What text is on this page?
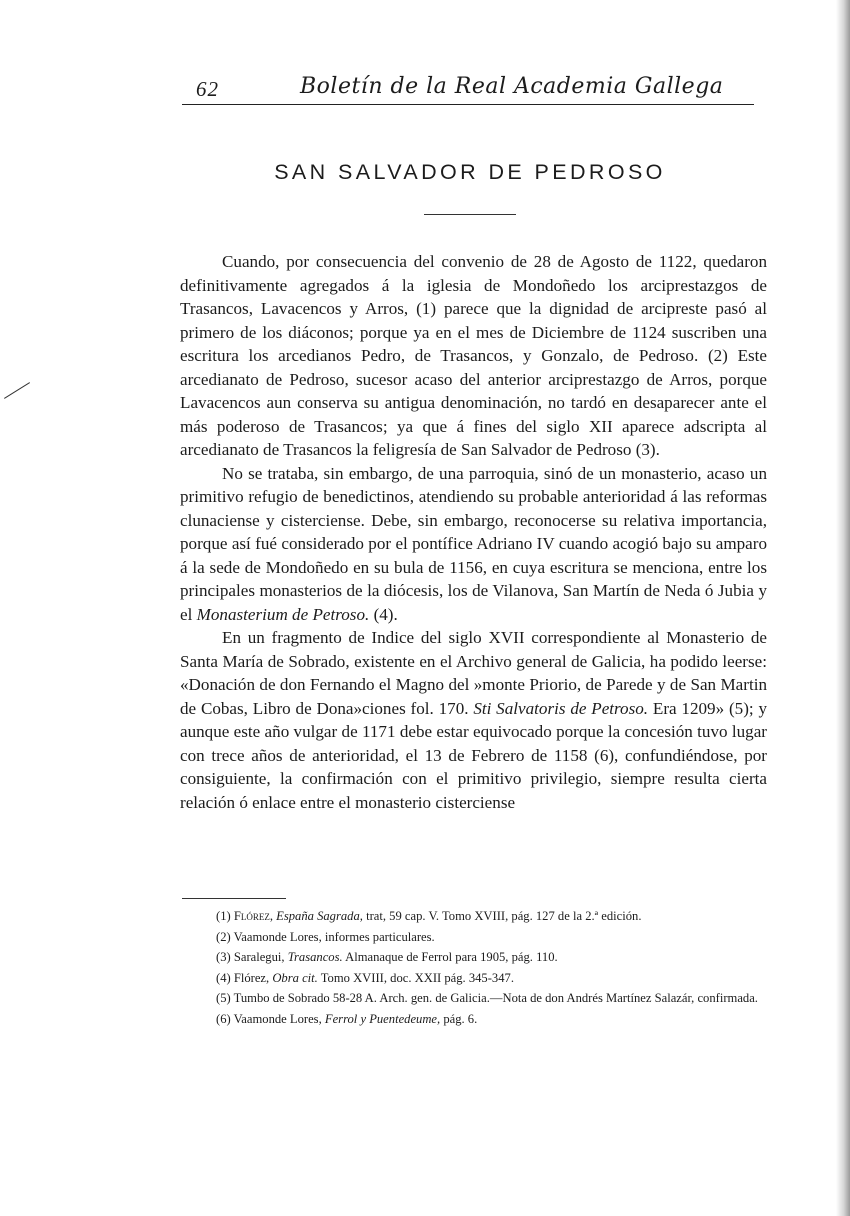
62	Boletín de la Real Academia Gallega
SAN SALVADOR DE PEDROSO

Cuando, por consecuencia del convenio de 28 de Agosto de 1122, quedaron definitivamente agregados á la iglesia de Mondoñedo los arciprestazgos de Trasancos, Lavacencos y Arros, (1) parece que la dignidad de arcipreste pasó al primero de los diáconos; porque ya en el mes de Diciembre de 1124 suscriben una escritura los arcedianos Pedro, de Trasancos, y Gonzalo, de Pedroso. (2) Este arcedianato de Pedroso, sucesor acaso del anterior arciprestazgo de Arros, porque Lavacencos aun conserva su antigua denominación, no tardó en desaparecer ante el más poderoso de Trasancos; ya que á fines del siglo XII aparece adscripta al arcedianato de Trasancos la feligresía de San Salvador de Pedroso (3).

No se trataba, sin embargo, de una parroquia, sinó de un monasterio, acaso un primitivo refugio de benedictinos, atendiendo su probable anterioridad á las reformas clunaciense y cisterciense. Debe, sin embargo, reconocerse su relativa importancia, porque así fué considerado por el pontífice Adriano IV cuando acogió bajo su amparo á la sede de Mondoñedo en su bula de 1156, en cuya escritura se menciona, entre los principales monasterios de la diócesis, los de Vilanova, San Martín de Neda ó Jubia y el Monasterium de Petroso. (4).

En un fragmento de Indice del siglo XVII correspondiente al Monasterio de Santa María de Sobrado, existente en el Archivo general de Galicia, ha podido leerse: «Donación de don Fernando el Magno del »monte Priorio, de Parede y de San Martin de Cobas, Libro de Dona»ciones fol. 170. Sti Salvatoris de Petroso. Era 1209» (5); y aunque este año vulgar de 1171 debe estar equivocado porque la concesión tuvo lugar con trece años de anterioridad, el 13 de Febrero de 1158 (6), confundiéndose, por consiguiente, la confirmación con el primitivo privilegio, siempre resulta cierta relación ó enlace entre el monasterio cisterciense

(1) Flórez, España Sagrada, trat, 59 cap. V. Tomo XVIII, pág. 127 de la 2.ª edición.

(2) Vaamonde Lores, informes particulares.

(3) Saralegui, Trasancos. Almanaque de Ferrol para 1905, pág. 110.

(4) Flórez, Obra cit. Tomo XVIII, doc. XXII pág. 345-347.

(5) Tumbo de Sobrado 58-28 A. Arch. gen. de Galicia.—Nota de don Andrés Martínez Salazár, confirmada.

(6) Vaamonde Lores, Ferrol y Puentedeume, pág. 6.
